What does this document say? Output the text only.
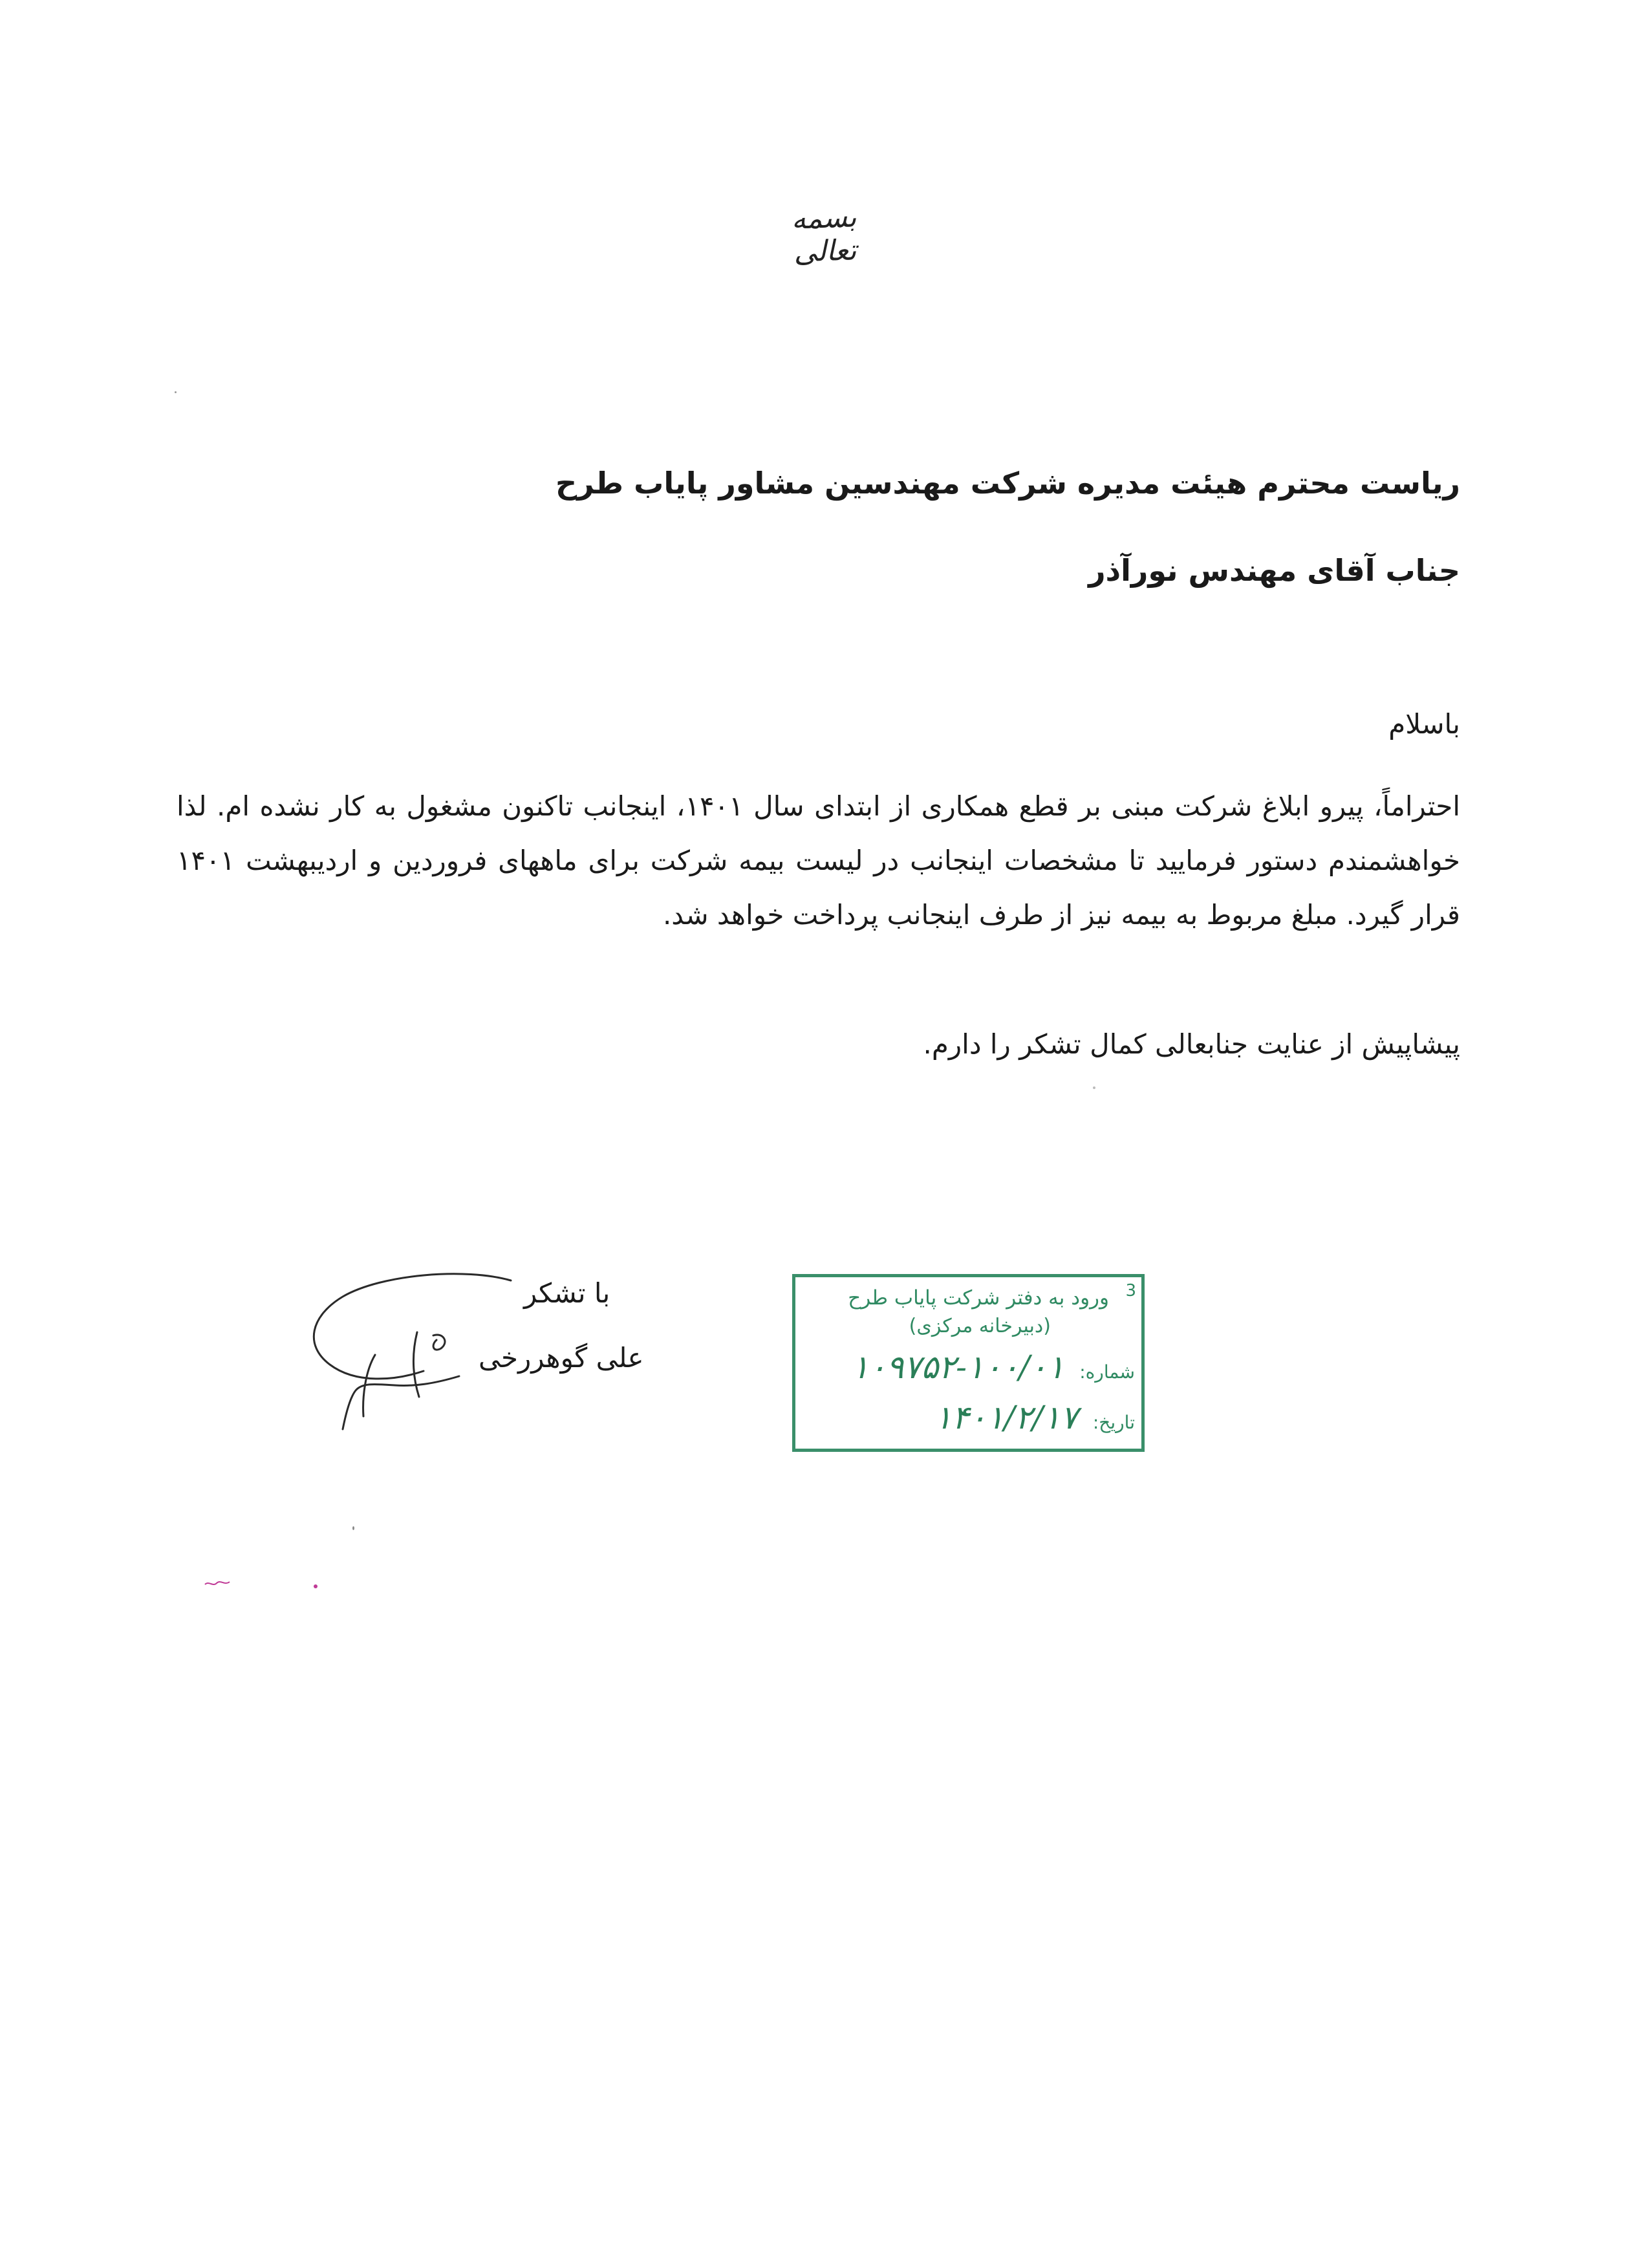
بسمه تعالی
ریاست محترم هیئت مدیره شرکت مهندسین مشاور پایاب طرح
جناب آقای مهندس نورآذر
باسلام
احتراماً، پیرو ابلاغ شرکت مبنی بر قطع همکاری از ابتدای سال ۱۴۰۱، اینجانب تاکنون مشغول به کار نشده ام. لذا خواهشمندم دستور فرمایید تا مشخصات اینجانب در لیست بیمه شرکت برای ماههای فروردین و اردیبهشت ۱۴۰۱ قرار گیرد. مبلغ مربوط به بیمه نیز از طرف اینجانب پرداخت خواهد شد.
پیشاپیش از عنایت جنابعالی کمال تشکر را دارم.
با تشکر
علی گوهررخی
3
ورود به دفتر شرکت پایاب طرح
(دبیرخانه مرکزی)
شماره: ۱۰۰/۰۱-۱۰۹۷۵۲
تاریخ: ۱۴۰۱/۲/۱۷
